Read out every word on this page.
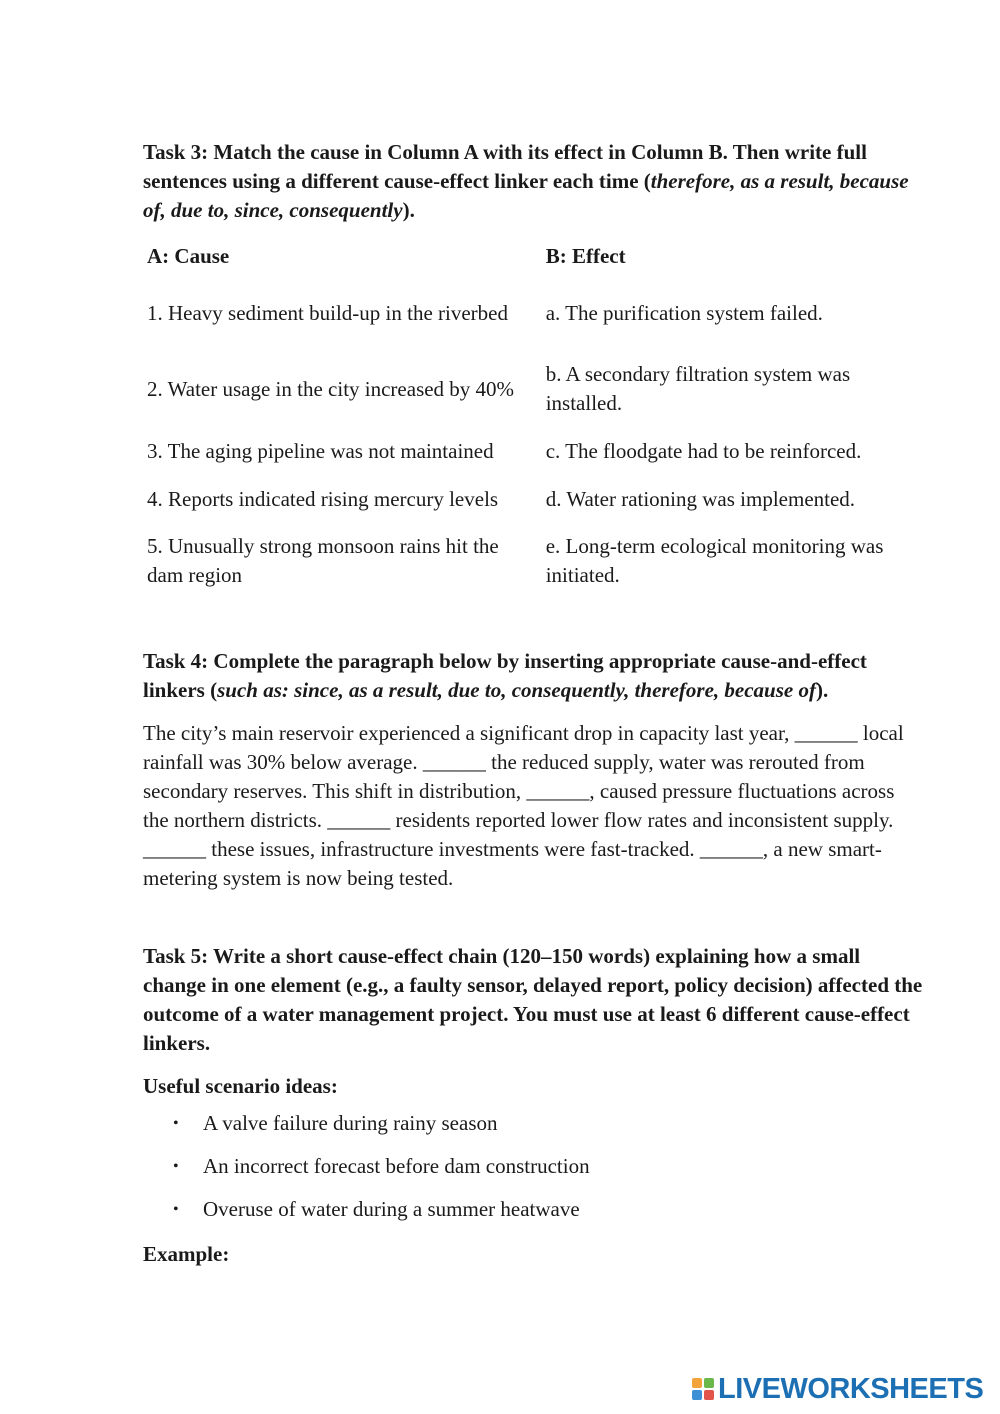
Task 3: Match the cause in Column A with its effect in Column B. Then write full sentences using a different cause-effect linker each time (therefore, as a result, because of, due to, since, consequently).

A: Cause	B: Effect
1. Heavy sediment build-up in the riverbed	a. The purification system failed.
2. Water usage in the city increased by 40%	b. A secondary filtration system was installed.
3. The aging pipeline was not maintained	c. The floodgate had to be reinforced.
4. Reports indicated rising mercury levels	d. Water rationing was implemented.
5. Unusually strong monsoon rains hit the dam region	e. Long-term ecological monitoring was initiated.

Task 4: Complete the paragraph below by inserting appropriate cause-and-effect linkers (such as: since, as a result, due to, consequently, therefore, because of).

The city’s main reservoir experienced a significant drop in capacity last year, ______ local rainfall was 30% below average. ______ the reduced supply, water was rerouted from secondary reserves. This shift in distribution, ______, caused pressure fluctuations across the northern districts. ______ residents reported lower flow rates and inconsistent supply. ______ these issues, infrastructure investments were fast-tracked. ______, a new smart-metering system is now being tested.

Task 5: Write a short cause-effect chain (120–150 words) explaining how a small change in one element (e.g., a faulty sensor, delayed report, policy decision) affected the outcome of a water management project. You must use at least 6 different cause-effect linkers.

Useful scenario ideas:

• A valve failure during rainy season
• An incorrect forecast before dam construction
• Overuse of water during a summer heatwave

Example:

LIVEWORKSHEETS
